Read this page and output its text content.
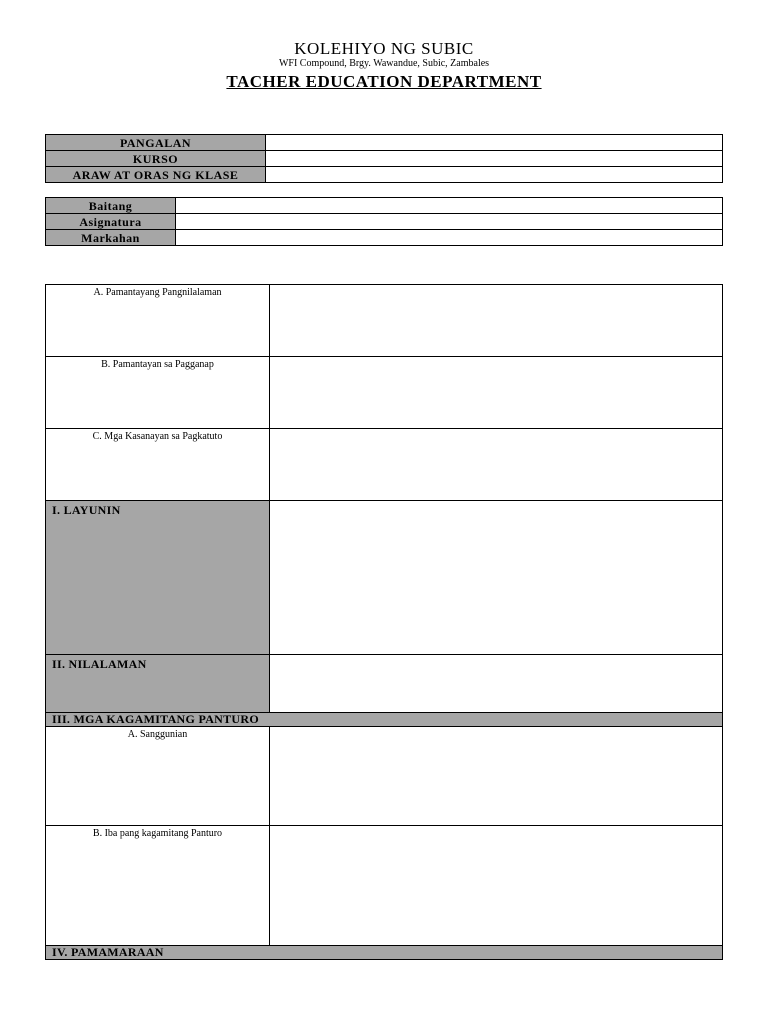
KOLEHIYO NG SUBIC
WFI Compound, Brgy. Wawandue, Subic, Zambales
TACHER EDUCATION DEPARTMENT
PANGALAN	
KURSO	
ARAW AT ORAS NG KLASE	
Baitang	
Asignatura	
Markahan	
A. Pamantayang Pangnilalaman	
B. Pamantayan sa Pagganap	
C. Mga Kasanayan sa Pagkatuto	
I. LAYUNIN	
II. NILALAMAN	
III. MGA KAGAMITANG PANTURO	
A. Sanggunian	
B. Iba pang kagamitang Panturo	
IV. PAMAMARAAN	
